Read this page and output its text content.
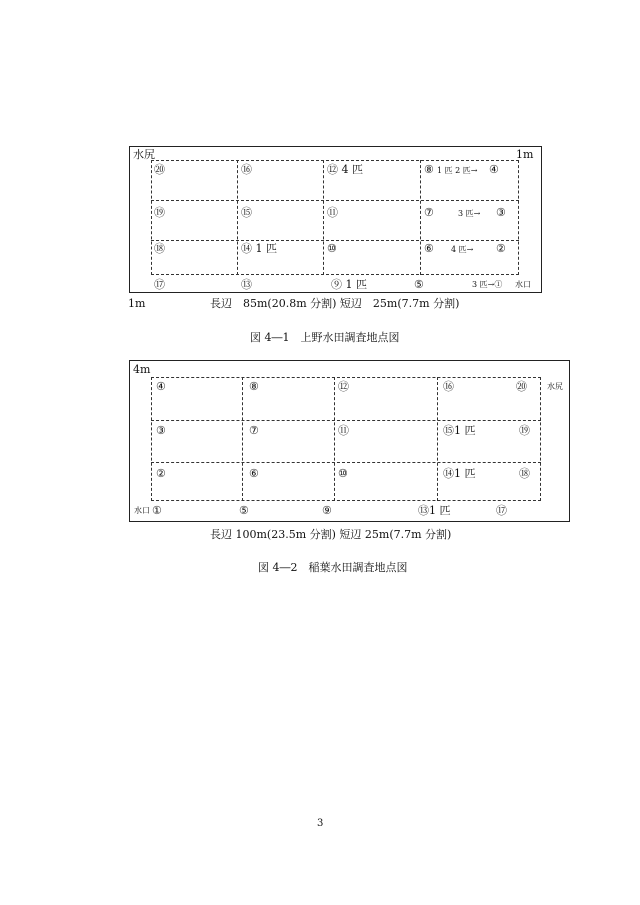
水尻	1m
⑳	⑯	⑫ 4 匹	⑧ 1 匹 2 匹→ ④
⑲	⑮	⑪	⑦	3 匹→ ③
⑱	⑭ 1 匹	⑩	⑥ 4 匹→ ②
⑰	⑬	⑨ 1 匹	⑤	3 匹→① 水口
1m	長辺　85m(20.8m 分割) 短辺　25m(7.7m 分割)
図 4―1　上野水田調査地点図
4m
水尻
④	⑧	⑫	⑯	⑳
③	⑦	⑪	⑮1 匹	⑲
②	⑥	⑩	⑭1 匹	⑱
水口 ①	⑤	⑨	⑬1 匹	⑰
長辺 100m(23.5m 分割) 短辺 25m(7.7m 分割)
図 4―2　稲葉水田調査地点図
3
